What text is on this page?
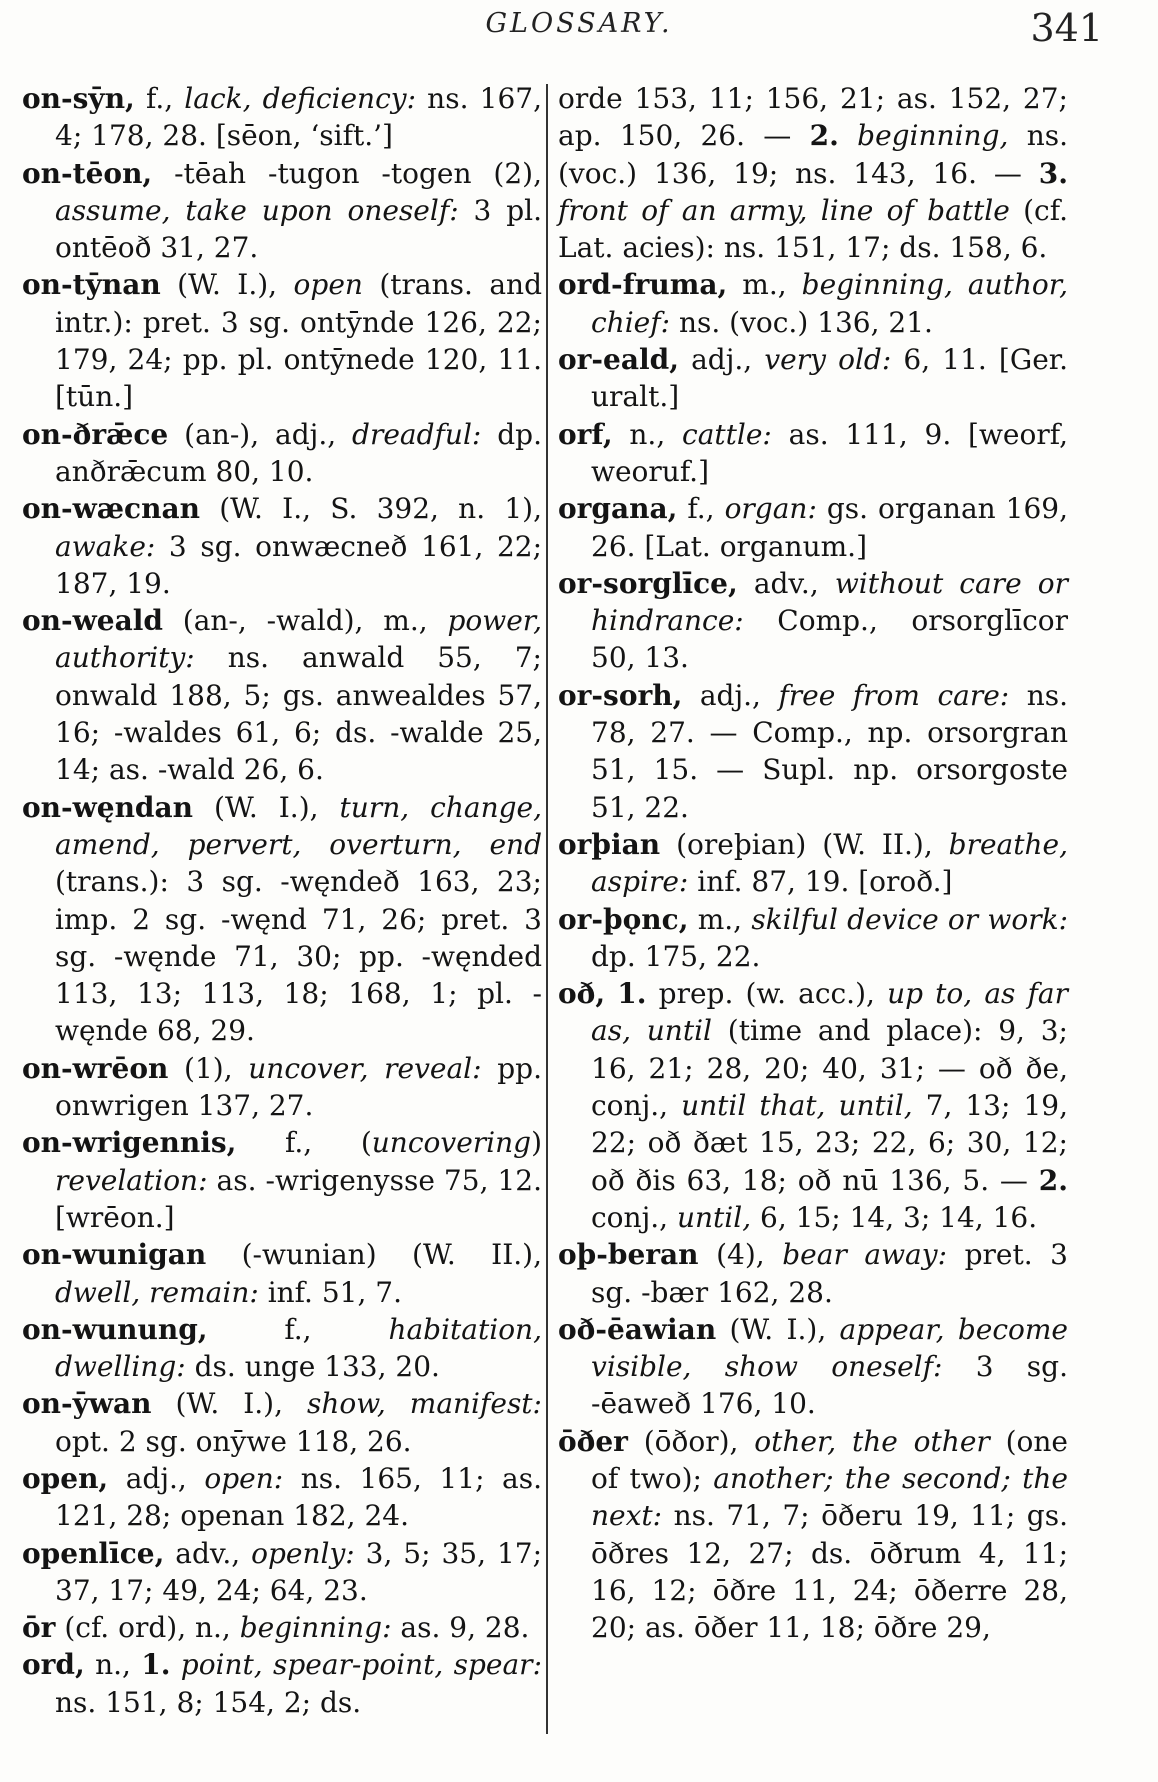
GLOSSARY.	341

on-sȳn, f., lack, deficiency: ns. 167, 4; 178, 28. [sēon, ‘sift.’]

on-tēon, -tēah -tugon -togen (2), assume, take upon oneself: 3 pl. ontēoð 31, 27.

on-tȳnan (W. I.), open (trans. and intr.): pret. 3 sg. ontȳnde 126, 22; 179, 24; pp. pl. ontȳnede 120, 11. [tūn.]

on-ðrǣce (an-), adj., dreadful: dp. anðrǣcum 80, 10.

on-wæcnan (W. I., S. 392, n. 1), awake: 3 sg. onwæcneð 161, 22; 187, 19.

on-weald (an-, -wald), m., power, authority: ns. anwald 55, 7; onwald 188, 5; gs. anwealdes 57, 16; -waldes 61, 6; ds. -walde 25, 14; as. -wald 26, 6.

on-węndan (W. I.), turn, change, amend, pervert, overturn, end (trans.): 3 sg. -węndeð 163, 23; imp. 2 sg. -węnd 71, 26; pret. 3 sg. -węnde 71, 30; pp. -węnded 113, 13; 113, 18; 168, 1; pl. -węnde 68, 29.

on-wrēon (1), uncover, reveal: pp. onwrigen 137, 27.

on-wrigennis, f., (uncovering) revelation: as. -wrigenysse 75, 12. [wrēon.]

on-wunigan (-wunian) (W. II.), dwell, remain: inf. 51, 7.

on-wunung, f., habitation, dwelling: ds. unge 133, 20.

on-ȳwan (W. I.), show, manifest: opt. 2 sg. onȳwe 118, 26.

open, adj., open: ns. 165, 11; as. 121, 28; openan 182, 24.

openlīce, adv., openly: 3, 5; 35, 17; 37, 17; 49, 24; 64, 23.

ōr (cf. ord), n., beginning: as. 9, 28.

ord, n., 1. point, spear-point, spear: ns. 151, 8; 154, 2; ds.

orde 153, 11; 156, 21; as. 152, 27; ap. 150, 26. — 2. beginning, ns. (voc.) 136, 19; ns. 143, 16. — 3. front of an army, line of battle (cf. Lat. acies): ns. 151, 17; ds. 158, 6.

ord-fruma, m., beginning, author, chief: ns. (voc.) 136, 21.

or-eald, adj., very old: 6, 11. [Ger. uralt.]

orf, n., cattle: as. 111, 9. [weorf, weoruf.]

organa, f., organ: gs. organan 169, 26. [Lat. organum.]

or-sorglīce, adv., without care or hindrance: Comp., orsorglīcor 50, 13.

or-sorh, adj., free from care: ns. 78, 27. — Comp., np. orsorgran 51, 15. — Supl. np. orsorgoste 51, 22.

orþian (oreþian) (W. II.), breathe, aspire: inf. 87, 19. [oroð.]

or-þǫnc, m., skilful device or work: dp. 175, 22.

oð, 1. prep. (w. acc.), up to, as far as, until (time and place): 9, 3; 16, 21; 28, 20; 40, 31; — oð ðe, conj., until that, until, 7, 13; 19, 22; oð ðæt 15, 23; 22, 6; 30, 12; oð ðis 63, 18; oð nū 136, 5. — 2. conj., until, 6, 15; 14, 3; 14, 16.

oþ-beran (4), bear away: pret. 3 sg. -bær 162, 28.

oð-ēawian (W. I.), appear, become visible, show oneself: 3 sg. -ēaweð 176, 10.

ōðer (ōðor), other, the other (one of two); another; the second; the next: ns. 71, 7; ōðeru 19, 11; gs. ōðres 12, 27; ds. ōðrum 4, 11; 16, 12; ōðre 11, 24; ōðerre 28, 20; as. ōðer 11, 18; ōðre 29,
